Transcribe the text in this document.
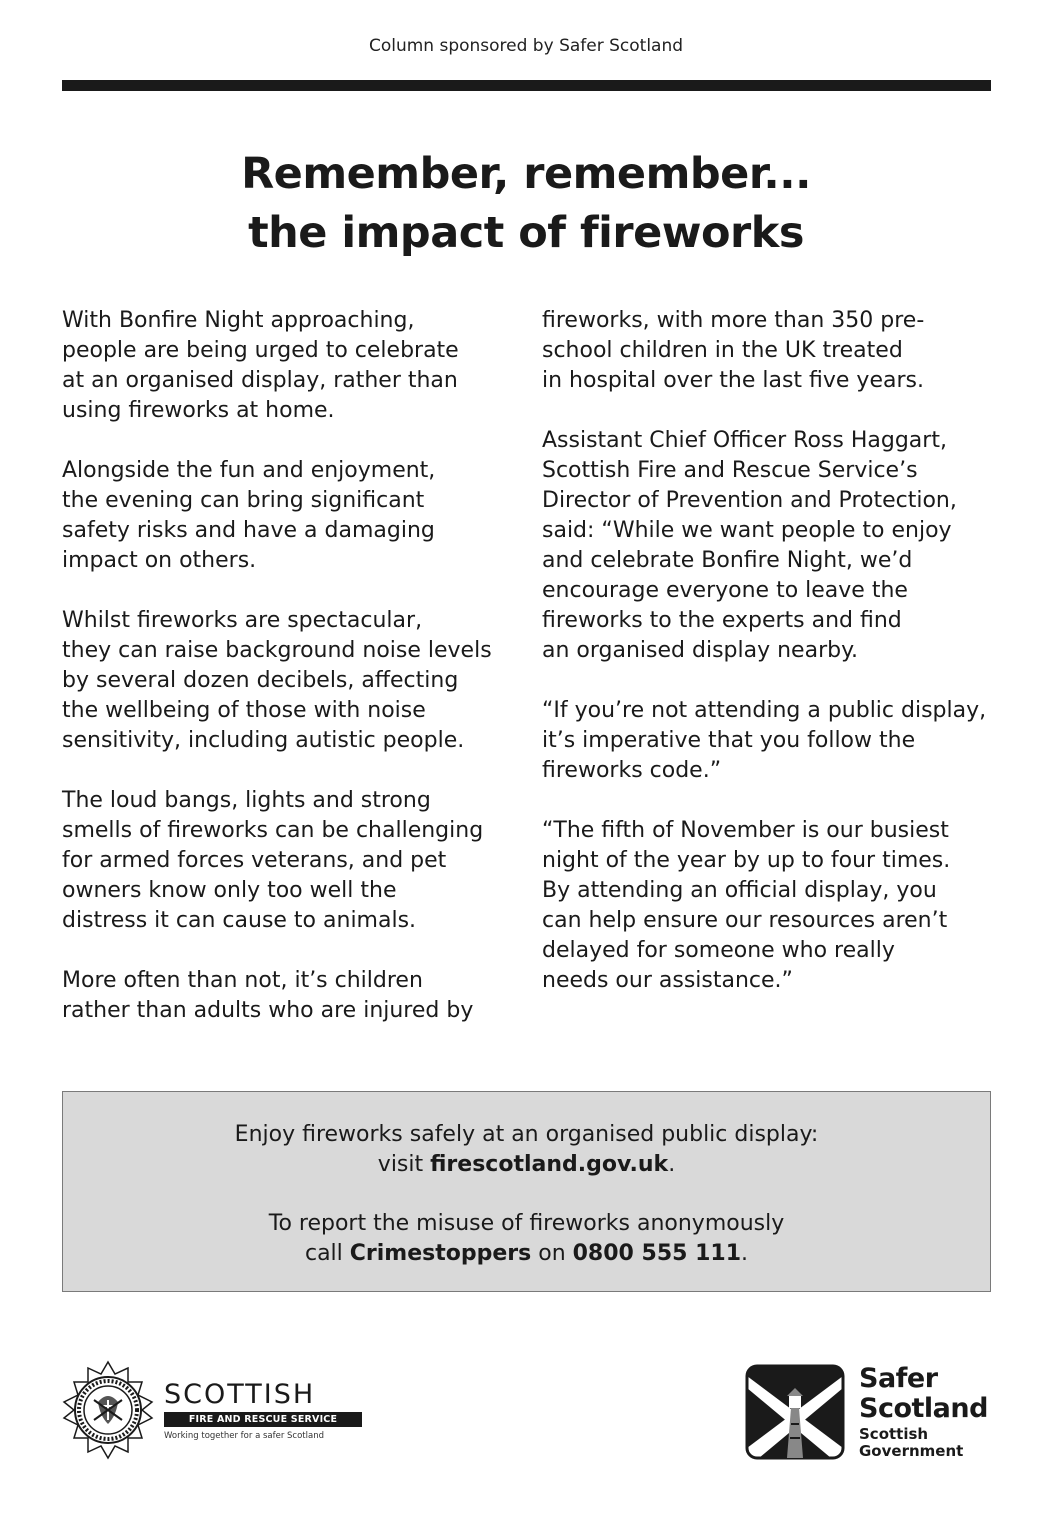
Column sponsored by Safer Scotland
Remember, remember...
the impact of fireworks

With Bonfire Night approaching,
people are being urged to celebrate
at an organised display, rather than
using fireworks at home.

Alongside the fun and enjoyment,
the evening can bring significant
safety risks and have a damaging
impact on others.

Whilst fireworks are spectacular,
they can raise background noise levels
by several dozen decibels, affecting
the wellbeing of those with noise
sensitivity, including autistic people.

The loud bangs, lights and strong
smells of fireworks can be challenging
for armed forces veterans, and pet
owners know only too well the
distress it can cause to animals.

More often than not, it’s children
rather than adults who are injured by

fireworks, with more than 350 pre-
school children in the UK treated
in hospital over the last five years.

Assistant Chief Officer Ross Haggart,
Scottish Fire and Rescue Service’s
Director of Prevention and Protection,
said: “While we want people to enjoy
and celebrate Bonfire Night, we’d
encourage everyone to leave the
fireworks to the experts and find
an organised display nearby.

“If you’re not attending a public display,
it’s imperative that you follow the
fireworks code.”

“The fifth of November is our busiest
night of the year by up to four times.
By attending an official display, you
can help ensure our resources aren’t
delayed for someone who really
needs our assistance.”

Enjoy fireworks safely at an organised public display:
visit firescotland.gov.uk.
To report the misuse of fireworks anonymously
call Crimestoppers on 0800 555 111.
SCOTTISH
FIRE AND RESCUE SERVICE
Working together for a safer Scotland
Safer
Scotland
Scottish
Government
